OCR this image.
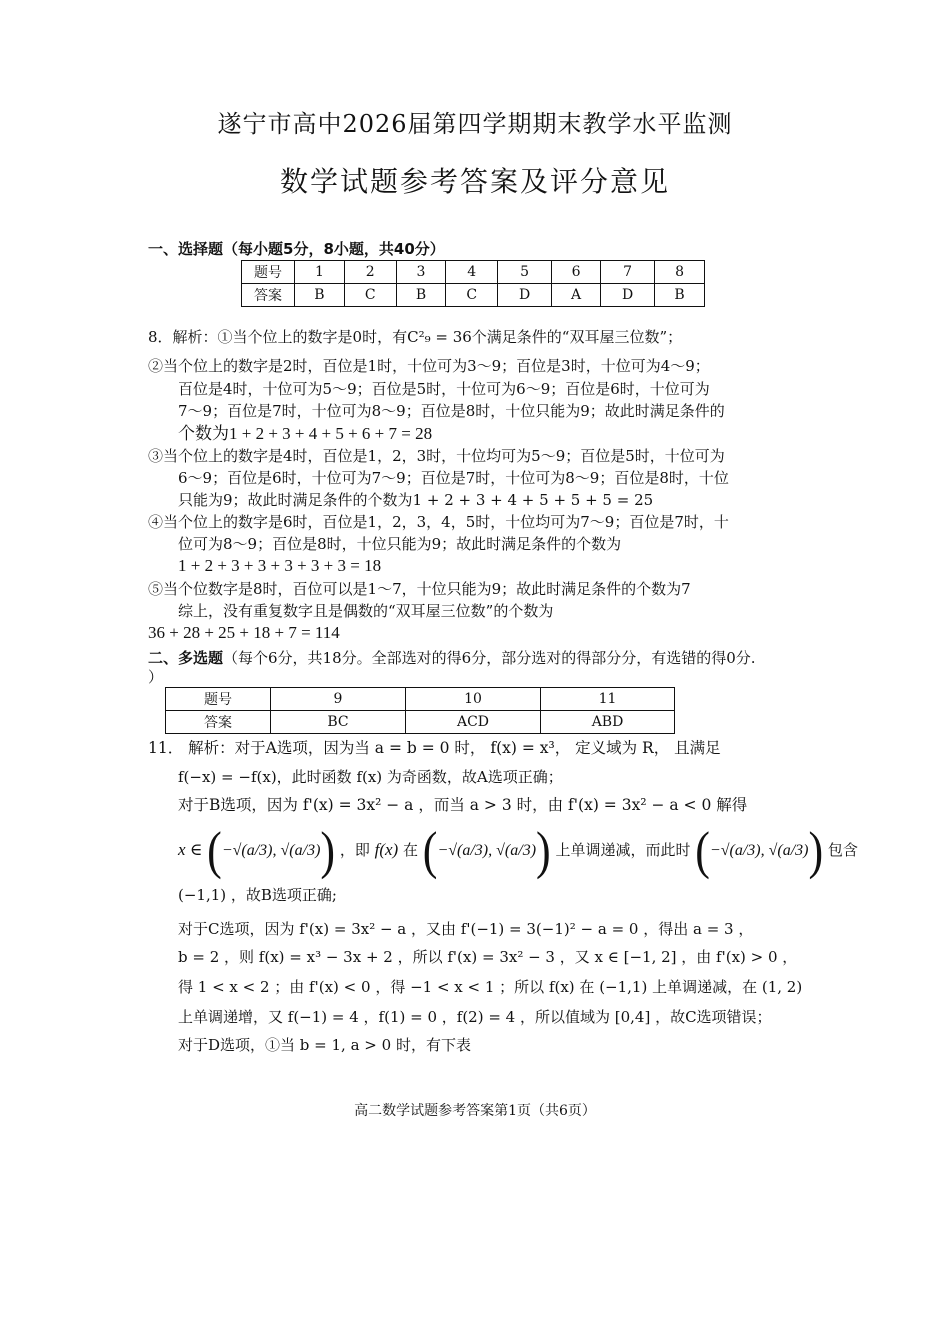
遂宁市高中2026届第四学期期末教学水平监测
数学试题参考答案及评分意见
一、选择题（每小题5分，8小题，共40分）
题号	1	2	3	4	5	6	7	8
答案	B	C	B	C	D	A	D	B
8．解析：①当个位上的数字是0时，有C²₉ = 36个满足条件的“双耳屋三位数”；
②当个位上的数字是2时，百位是1时，十位可为3～9；百位是3时，十位可为4～9；
百位是4时，十位可为5～9；百位是5时，十位可为6～9；百位是6时，十位可为
7～9；百位是7时，十位可为8～9；百位是8时，十位只能为9；故此时满足条件的
个数为1 + 2 + 3 + 4 + 5 + 6 + 7 = 28
③当个位上的数字是4时，百位是1，2，3时，十位均可为5～9；百位是5时，十位可为
6～9；百位是6时，十位可为7～9；百位是7时，十位可为8～9；百位是8时，十位
只能为9；故此时满足条件的个数为1 + 2 + 3 + 4 + 5 + 5 + 5 = 25
④当个位上的数字是6时，百位是1，2，3，4，5时，十位均可为7～9；百位是7时，十
位可为8～9；百位是8时，十位只能为9；故此时满足条件的个数为
1 + 2 + 3 + 3 + 3 + 3 + 3 = 18
⑤当个位数字是8时，百位可以是1～7，十位只能为9；故此时满足条件的个数为7
综上，没有重复数字且是偶数的“双耳屋三位数”的个数为
36 + 28 + 25 + 18 + 7 = 114
二、多选题（每个6分，共18分。全部选对的得6分，部分选对的得部分分，有选错的得0分.
）
题号	9	10	11
答案	BC	ACD	ABD
11． 解析：对于A选项，因为当 a = b = 0 时， f(x) = x³， 定义域为 R， 且满足
f(−x) = −f(x)，此时函数 f(x) 为奇函数，故A选项正确；
对于B选项，因为 f'(x) = 3x² − a ，而当 a > 3 时，由 f'(x) = 3x² − a < 0 解得
x ∈ (−√(a/3), √(a/3)) ，即 f(x) 在 (−√(a/3), √(a/3)) 上单调递减，而此时 (−√(a/3), √(a/3)) 包含
(−1,1) ，故B选项正确;
对于C选项，因为 f'(x) = 3x² − a ，又由 f'(−1) = 3(−1)² − a = 0 ，得出 a = 3 ，
b = 2 ，则 f(x) = x³ − 3x + 2 ，所以 f'(x) = 3x² − 3 ，又 x ∈ [−1, 2] ，由 f'(x) > 0 ，
得 1 < x < 2 ；由 f'(x) < 0 ，得 −1 < x < 1 ；所以 f(x) 在 (−1,1) 上单调递减，在 (1, 2)
上单调递增，又 f(−1) = 4 ，f(1) = 0 ，f(2) = 4 ，所以值域为 [0,4] ，故C选项错误；
对于D选项，①当 b = 1, a > 0 时，有下表
高二数学试题参考答案第1页（共6页）
